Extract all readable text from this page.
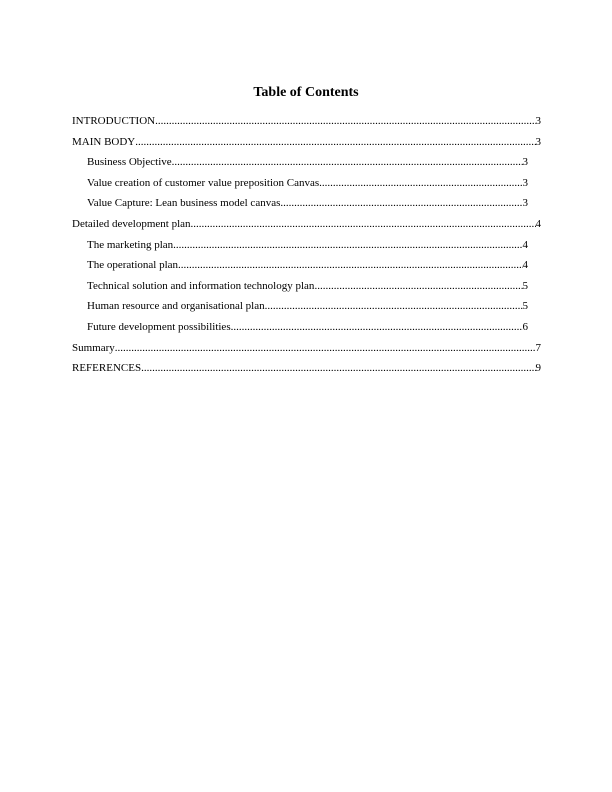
Table of Contents
INTRODUCTION .....	3
MAIN BODY .....	3
Business Objective .....	3
Value creation of customer value preposition Canvas .....	3
Value Capture: Lean business model canvas .....	3
Detailed development plan .....	4
The marketing plan .....	4
The operational plan .....	4
Technical solution and information technology plan .....	5
Human resource and organisational plan .....	5
Future development possibilities .....	6
Summary .....	7
REFERENCES .....	9
